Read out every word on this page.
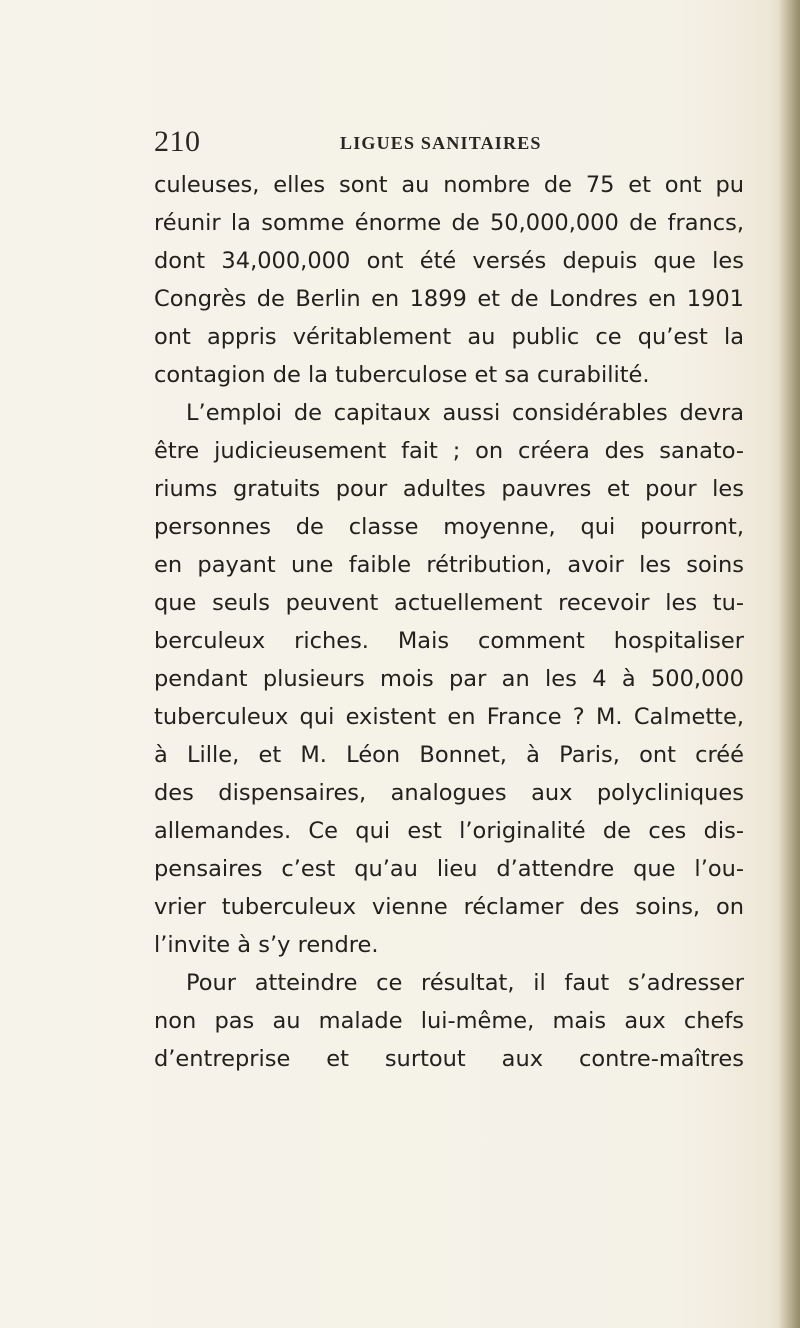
210	LIGUES SANITAIRES
culeuses, elles sont au nombre de 75 et ont pu
réunir la somme énorme de 50,000,000 de francs,
dont 34,000,000 ont été versés depuis que les
Congrès de Berlin en 1899 et de Londres en 1901
ont appris véritablement au public ce qu’est la
contagion de la tuberculose et sa curabilité.
L’emploi de capitaux aussi considérables devra
être judicieusement fait ; on créera des sanato-
riums gratuits pour adultes pauvres et pour les
personnes de classe moyenne, qui pourront,
en payant une faible rétribution, avoir les soins
que seuls peuvent actuellement recevoir les tu-
berculeux riches. Mais comment hospitaliser
pendant plusieurs mois par an les 4 à 500,000
tuberculeux qui existent en France ? M. Calmette,
à Lille, et M. Léon Bonnet, à Paris, ont créé
des dispensaires, analogues aux polycliniques
allemandes. Ce qui est l’originalité de ces dis-
pensaires c’est qu’au lieu d’attendre que l’ou-
vrier tuberculeux vienne réclamer des soins, on
l’invite à s’y rendre.
Pour atteindre ce résultat, il faut s’adresser
non pas au malade lui-même, mais aux chefs
d’entreprise et surtout aux contre-maîtres
